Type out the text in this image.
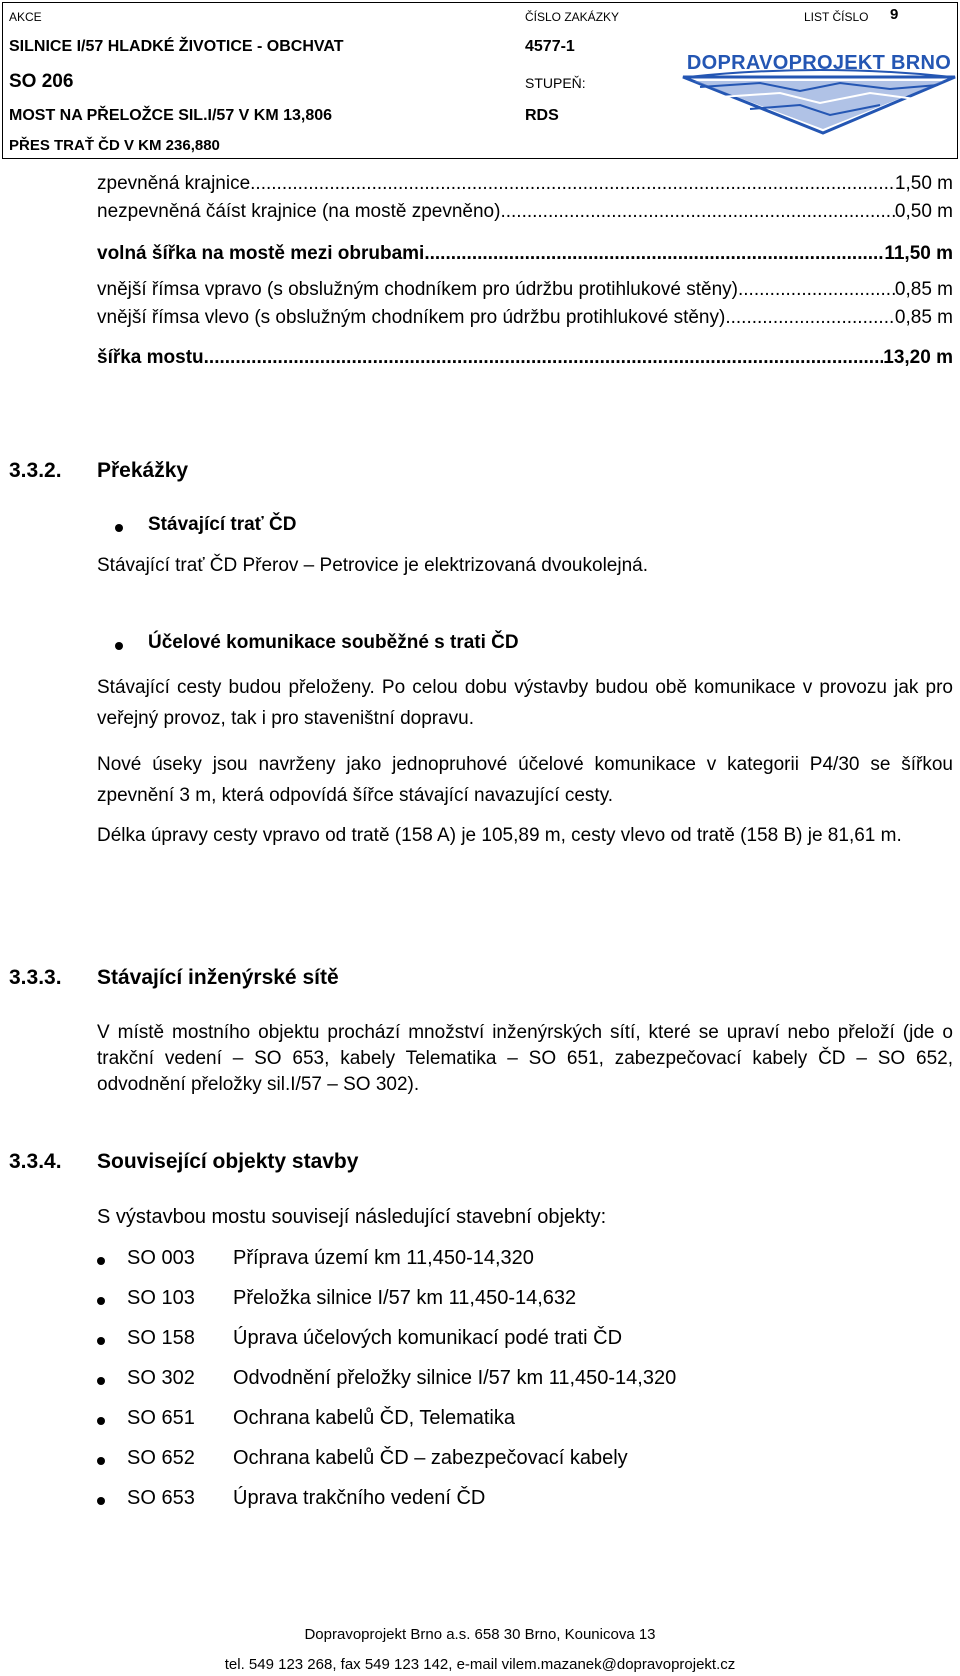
AKCE	ČÍSLO ZAKÁZKY	LIST ČÍSLO 9
SILNICE I/57 HLADKÉ ŽIVOTICE - OBCHVAT	4577-1
SO 206	STUPEŇ:
MOST NA PŘELOŽCE SIL.I/57 V KM 13,806	RDS
PŘES TRAŤ ČD V KM 236,880
DOPRAVOPROJEKT BRNO
zpevněná krajnice .....	1,50 m
nezpevněná čáíst krajnice (na mostě zpevněno) .....	0,50 m
volná šířka na mostě mezi obrubami .....	11,50 m
vnější římsa vpravo (s obslužným chodníkem pro údržbu protihlukové stěny) .....	0,85 m
vnější římsa vlevo (s obslužným chodníkem pro údržbu protihlukové stěny) .....	0,85 m
šířka mostu .....	13,20 m
3.3.2. Překážky
Stávající trať ČD
Stávající trať ČD Přerov – Petrovice je elektrizovaná dvoukolejná.
Účelové komunikace souběžné s trati ČD
Stávající cesty budou přeloženy. Po celou dobu výstavby budou obě komunikace v provozu jak pro veřejný provoz, tak i pro staveništní dopravu.
Nové úseky jsou navrženy jako jednopruhové účelové komunikace v kategorii P4/30 se šířkou zpevnění 3 m, která odpovídá šířce stávající navazující cesty.
Délka úpravy cesty vpravo od tratě (158 A) je 105,89 m, cesty vlevo od tratě (158 B) je 81,61 m.
3.3.3. Stávající inženýrské sítě
V místě mostního objektu prochází množství inženýrských sítí, které se upraví nebo přeloží (jde o trakční vedení – SO 653, kabely Telematika – SO 651, zabezpečovací kabely ČD – SO 652, odvodnění přeložky sil.I/57 – SO 302).
3.3.4. Související objekty stavby
S výstavbou mostu souvisejí následující stavební objekty:
SO 003 Příprava území km 11,450-14,320
SO 103 Přeložka silnice I/57 km 11,450-14,632
SO 158 Úprava účelových komunikací podé trati ČD
SO 302 Odvodnění přeložky silnice I/57 km 11,450-14,320
SO 651 Ochrana kabelů ČD, Telematika
SO 652 Ochrana kabelů ČD – zabezpečovací kabely
SO 653 Úprava trakčního vedení ČD
Dopravoprojekt Brno a.s. 658 30 Brno, Kounicova 13
tel. 549 123 268, fax 549 123 142, e-mail vilem.mazanek@dopravoprojekt.cz
